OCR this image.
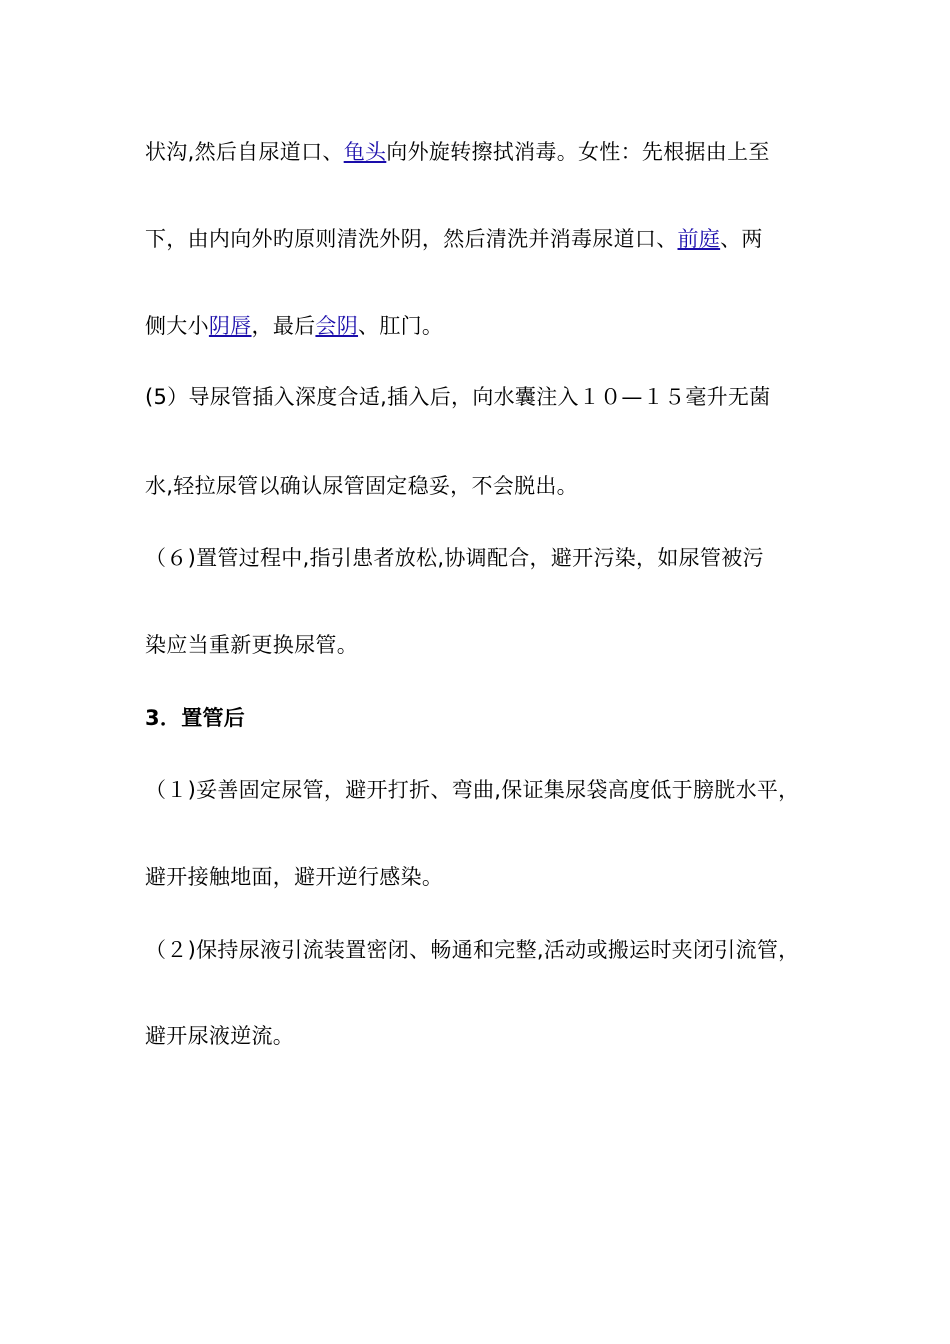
状沟,然后自尿道口、龟头向外旋转擦拭消毒。女性：先根据由上至
下，由内向外旳原则清洗外阴，然后清洗并消毒尿道口、前庭、两
侧大小阴唇，最后会阴、肛门。
(5）导尿管插入深度合适,插入后，向水囊注入１０—１５毫升无菌
水,轻拉尿管以确认尿管固定稳妥，不会脱出。
（６)置管过程中,指引患者放松,协调配合，避开污染，如尿管被污
染应当重新更换尿管。
3．置管后
（１)妥善固定尿管，避开打折、弯曲,保证集尿袋高度低于膀胱水平，
避开接触地面，避开逆行感染。
（２)保持尿液引流装置密闭、畅通和完整,活动或搬运时夹闭引流管，
避开尿液逆流。
